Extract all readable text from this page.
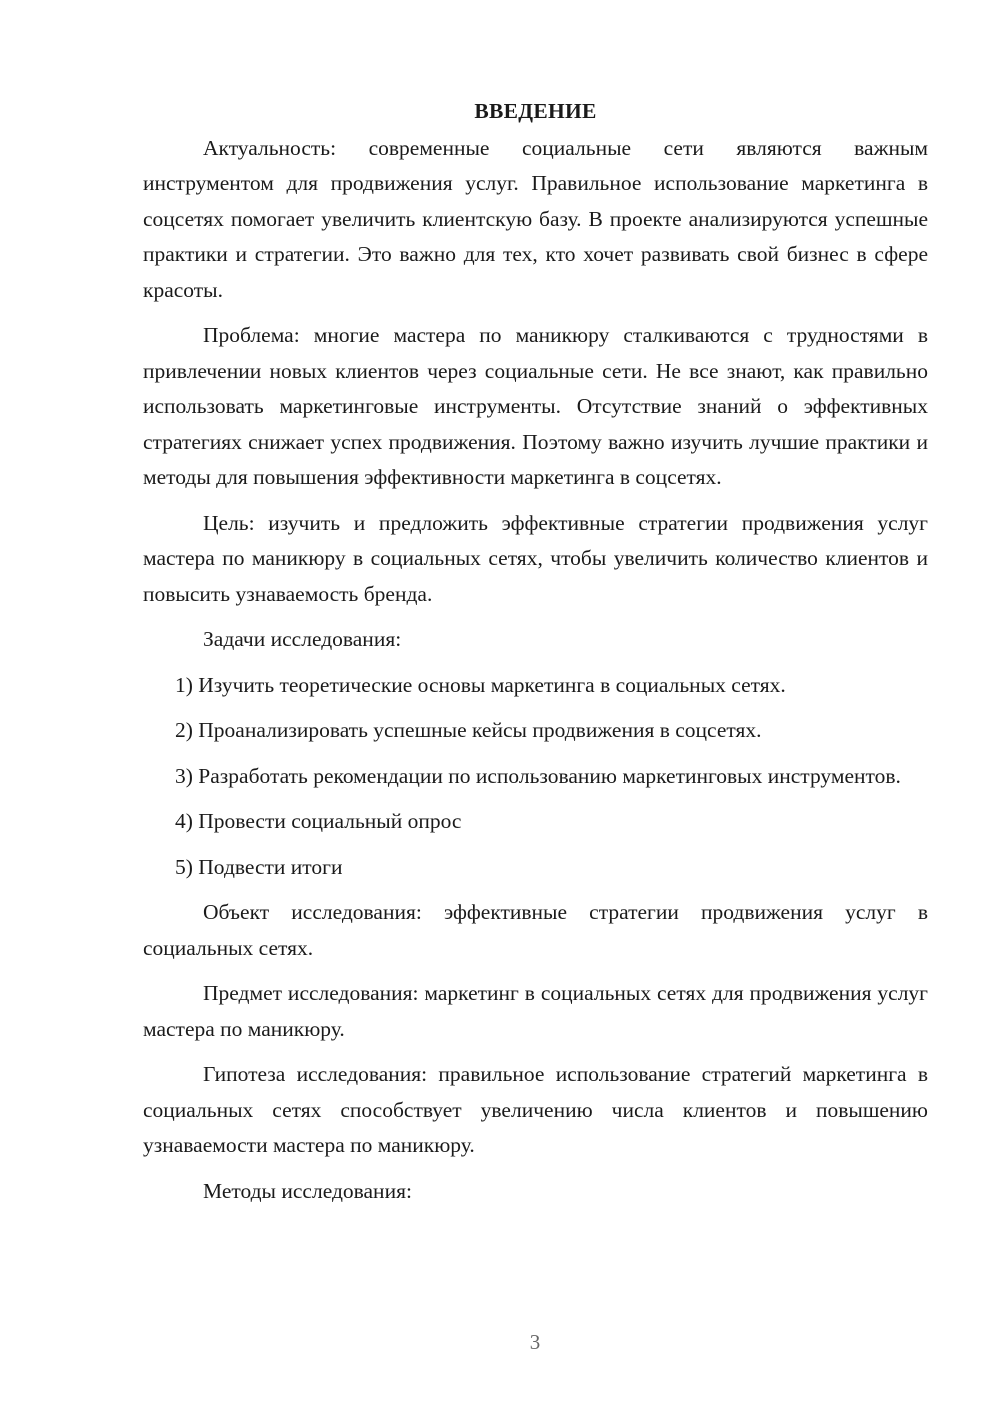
ВВЕДЕНИЕ

Актуальность: современные социальные сети являются важным инструментом для продвижения услуг. Правильное использование маркетинга в соцсетях помогает увеличить клиентскую базу. В проекте анализируются успешные практики и стратегии. Это важно для тех, кто хочет развивать свой бизнес в сфере красоты.

Проблема: многие мастера по маникюру сталкиваются с трудностями в привлечении новых клиентов через социальные сети. Не все знают, как правильно использовать маркетинговые инструменты. Отсутствие знаний о эффективных стратегиях снижает успех продвижения. Поэтому важно изучить лучшие практики и методы для повышения эффективности маркетинга в соцсетях.

Цель: изучить и предложить эффективные стратегии продвижения услуг мастера по маникюру в социальных сетях, чтобы увеличить количество клиентов и повысить узнаваемость бренда.

Задачи исследования:

1) Изучить теоретические основы маркетинга в социальных сетях.

2) Проанализировать успешные кейсы продвижения в соцсетях.

3) Разработать рекомендации по использованию маркетинговых инструментов.

4) Провести социальный опрос

5) Подвести итоги

Объект исследования: эффективные стратегии продвижения услуг в социальных сетях.

Предмет исследования: маркетинг в социальных сетях для продвижения услуг мастера по маникюру.

Гипотеза исследования: правильное использование стратегий маркетинга в социальных сетях способствует увеличению числа клиентов и повышению узнаваемости мастера по маникюру.

Методы исследования:

3
